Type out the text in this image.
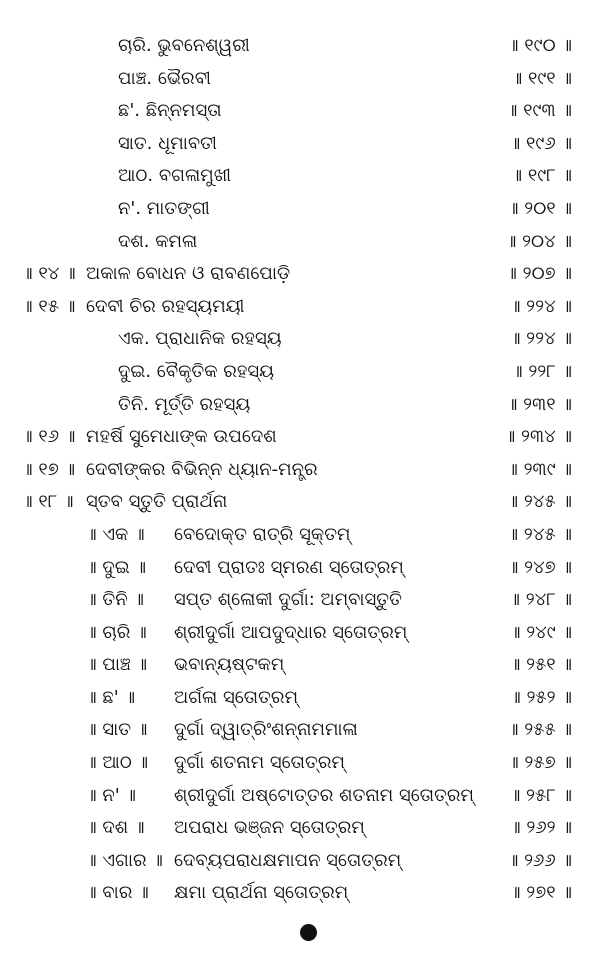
ଚାରି. ଭୁବନେଶ୍ୱରୀ	॥ ୧୯୦ ॥
ପାଞ୍ଚ. ଭୈରବୀ	॥ ୧୯୧ ॥
ଛ'. ଛିନ୍ନମସ୍ତା	॥ ୧୯୩ ॥
ସାତ. ଧୂମାବତୀ	॥ ୧୯୬ ॥
ଆଠ. ବଗଳାମୁଖୀ	॥ ୧୯୮ ॥
ନ'. ମାତଙ୍ଗୀ	॥ ୨୦୧ ॥
ଦଶ. କମଳା	॥ ୨୦୪ ॥
॥ ୧୪ ॥ ଅକାଳ ବୋଧନ ଓ ରାବଣପୋଡ଼ି	॥ ୨୦୭ ॥
॥ ୧୫ ॥ ଦେବୀ ଚିର ରହସ୍ୟମୟୀ	॥ ୨୨୪ ॥
ଏକ. ପ୍ରାଧାନିକ ରହସ୍ୟ	॥ ୨୨୪ ॥
ଦୁଇ. ବୈକୃତିକ ରହସ୍ୟ	॥ ୨୨୮ ॥
ତିନି. ମୂର୍ତ୍ତି ରହସ୍ୟ	॥ ୨୩୧ ॥
॥ ୧୬ ॥ ମହର୍ଷି ସୁମେଧାଙ୍କ ଉପଦେଶ	॥ ୨୩୪ ॥
॥ ୧୭ ॥ ଦେବୀଙ୍କର ବିଭିନ୍ନ ଧ୍ୟାନ-ମନ୍ତ୍ର	॥ ୨୩୯ ॥
॥ ୧୮ ॥ ସ୍ତବ ସ୍ତୁତି ପ୍ରାର୍ଥନା	॥ ୨୪୫ ॥
॥ ଏକ ॥ ବେଦୋକ୍ତ ରାତ୍ରି ସୂକ୍ତମ୍	॥ ୨୪୫ ॥
॥ ଦୁଇ ॥ ଦେବୀ ପ୍ରାତଃ ସ୍ମରଣ ସ୍ତୋତ୍ରମ୍	॥ ୨୪୭ ॥
॥ ତିନି ॥ ସପ୍ତ ଶ୍ଳୋକୀ ଦୁର୍ଗା: ଅମ୍ବାସ୍ତୁତି	॥ ୨୪୮ ॥
॥ ଚାରି ॥ ଶ୍ରୀଦୁର୍ଗା ଆପଦୁଦ୍ଧାର ସ୍ତୋତ୍ରମ୍	॥ ୨୪୯ ॥
॥ ପାଞ୍ଚ ॥ ଭବାନ୍ୟଷ୍ଟକମ୍	॥ ୨୫୧ ॥
॥ ଛ' ॥ ଅର୍ଗଳା ସ୍ତୋତ୍ରମ୍	॥ ୨୫୨ ॥
॥ ସାତ ॥ ଦୁର୍ଗା ଦ୍ୱାତ୍ରିଂଶନ୍ନାମମାଳା	॥ ୨୫୫ ॥
॥ ଆଠ ॥ ଦୁର୍ଗା ଶତନାମ ସ୍ତୋତ୍ରମ୍	॥ ୨୫୭ ॥
॥ ନ' ॥ ଶ୍ରୀଦୁର୍ଗା ଅଷ୍ଟୋତ୍ତର ଶତନାମ ସ୍ତୋତ୍ରମ୍ ॥ ୨୫୮ ॥
॥ ଦଶ ॥ ଅପରାଧ ଭଞ୍ଜନ ସ୍ତୋତ୍ରମ୍	॥ ୨୬୨ ॥
॥ ଏଗାର ॥ ଦେବ୍ୟପରାଧକ୍ଷମାପନ ସ୍ତୋତ୍ରମ୍	॥ ୨୬୬ ॥
॥ ବାର ॥ କ୍ଷମା ପ୍ରାର୍ଥନା ସ୍ତୋତ୍ରମ୍	॥ ୨୭୧ ॥
